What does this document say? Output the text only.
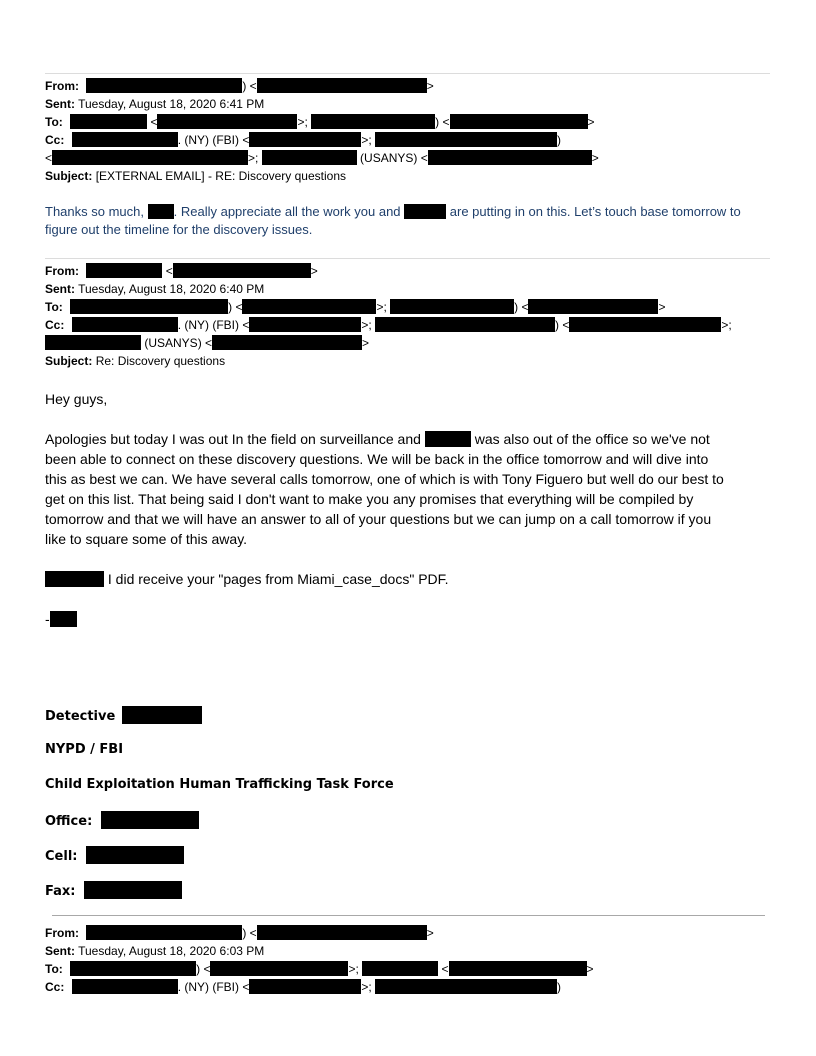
From:	) <	>
Sent: Tuesday, August 18, 2020 6:41 PM
To:	<	>;	) <	>
Cc:	. (NY) (FBI) <	>;	)
<	>;	(USANYS) <	>
Subject: [EXTERNAL EMAIL] - RE: Discovery questions
Thanks so much, . Really appreciate all the work you and	are putting in on this. Let’s touch base tomorrow to
figure out the timeline for the discovery issues.
From:	<	>
Sent: Tuesday, August 18, 2020 6:40 PM
To:	) <	>;	) <	>
Cc:	. (NY) (FBI) <	>;	) <	>;
(USANYS) <	>
Subject: Re: Discovery questions
Hey guys,
Apologies but today I was out In the field on surveillance and	was also out of the office so we've not
been able to connect on these discovery questions. We will be back in the office tomorrow and will dive into
this as best we can. We have several calls tomorrow, one of which is with Tony Figuero but well do our best to
get on this list. That being said I don't want to make you any promises that everything will be compiled by
tomorrow and that we will have an answer to all of your questions but we can jump on a call tomorrow if you
like to square some of this away.
I did receive your "pages from Miami_case_docs" PDF.
-
Detective
NYPD / FBI
Child Exploitation Human Trafficking Task Force
Office:
Cell:
Fax:
From:	) <	>
Sent: Tuesday, August 18, 2020 6:03 PM
To:	) <	>;	<	>
Cc:	. (NY) (FBI) <	>;	)
